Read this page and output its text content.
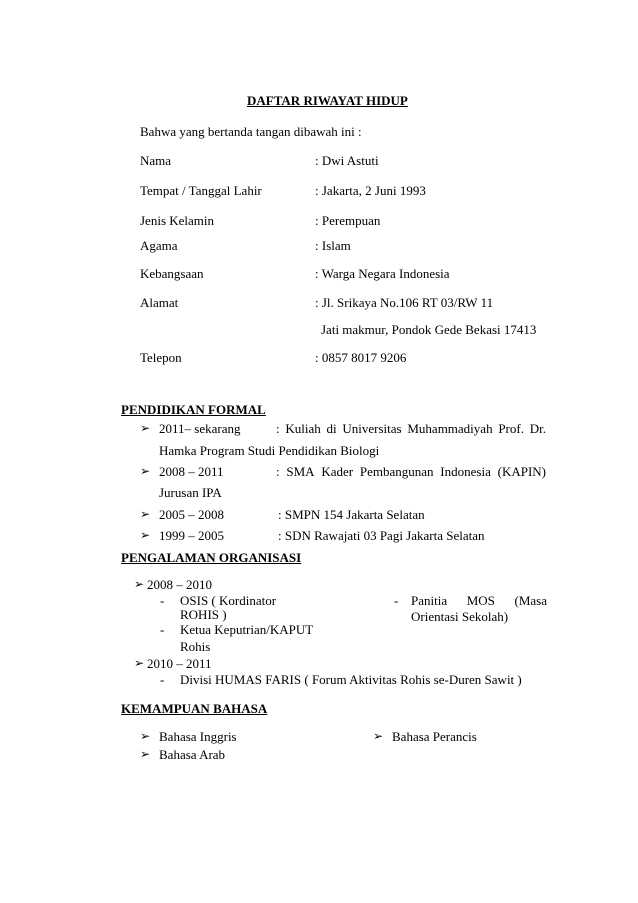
DAFTAR RIWAYAT HIDUP
Bahwa yang bertanda tangan dibawah ini :
Nama	: Dwi Astuti
Tempat / Tanggal Lahir	: Jakarta, 2 Juni 1993
Jenis Kelamin	: Perempuan
Agama	: Islam
Kebangsaan	: Warga Negara Indonesia
Alamat	: Jl. Srikaya No.106 RT 03/RW 11
Jati makmur, Pondok Gede Bekasi 17413
Telepon	: 0857 8017 9206
PENDIDIKAN FORMAL
➢ 2011– sekarang	: Kuliah di Universitas Muhammadiyah Prof. Dr.
Hamka Program Studi Pendidikan Biologi
➢ 2008 – 2011	: SMA Kader Pembangunan Indonesia (KAPIN)
Jurusan IPA
➢ 2005 – 2008	: SMPN 154 Jakarta Selatan
➢ 1999 – 2005	: SDN Rawajati 03 Pagi Jakarta Selatan
PENGALAMAN ORGANISASI
➢ 2008 – 2010
- OSIS ( Kordinator
ROHIS )
- Ketua Keputrian/KAPUT
Rohis
- Panitia MOS (Masa
Orientasi Sekolah)
➢ 2010 – 2011
- Divisi HUMAS FARIS ( Forum Aktivitas Rohis se-Duren Sawit )
KEMAMPUAN BAHASA
➢ Bahasa Inggris
➢ Bahasa Arab
➢ Bahasa Perancis
